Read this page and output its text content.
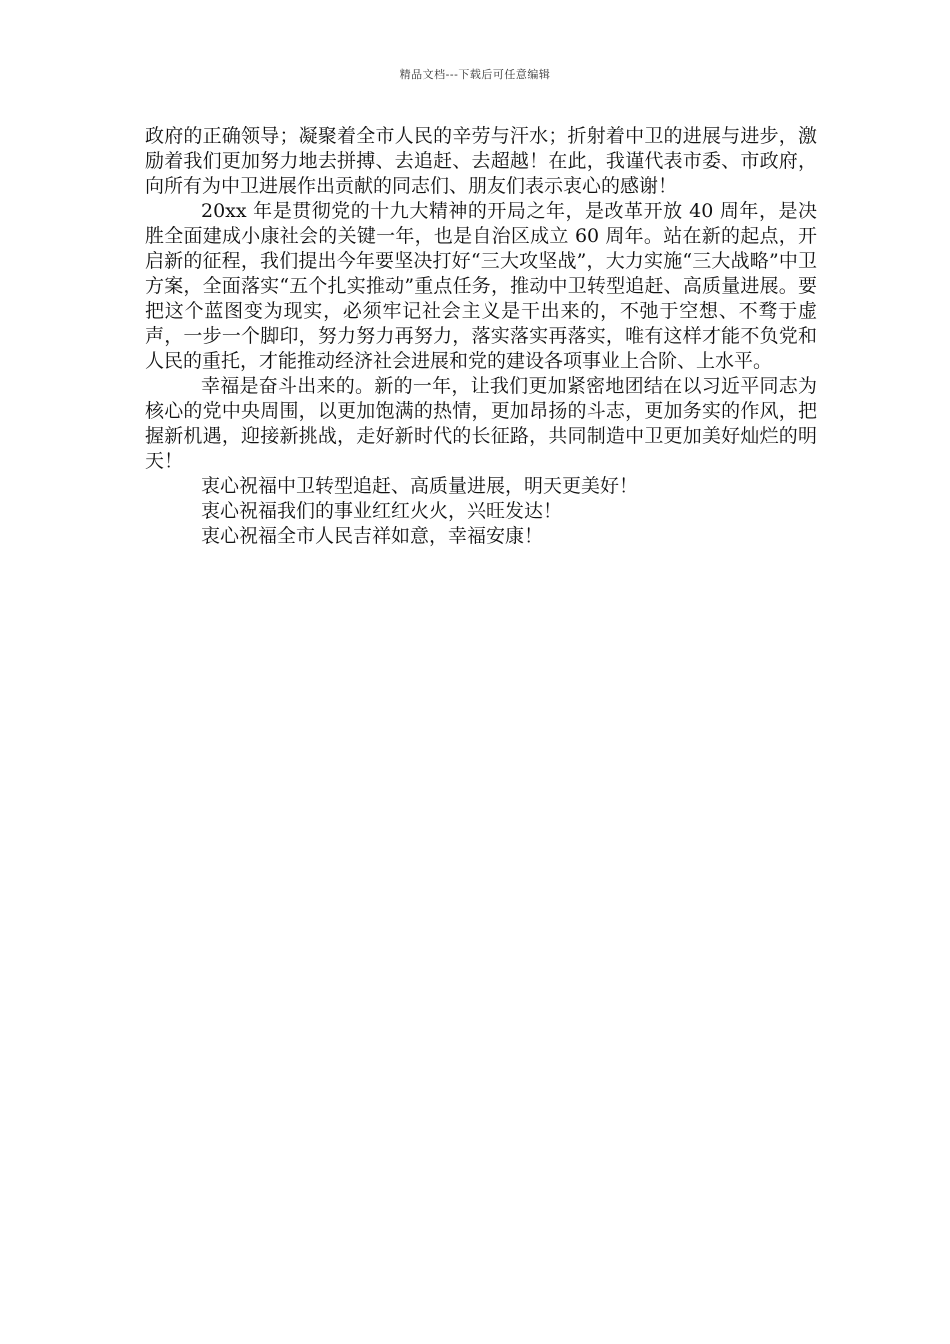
精品文档---下载后可任意编辑

政府的正确领导；凝聚着全市人民的辛劳与汗水；折射着中卫的进展与进步，激励着我们更加努力地去拼搏、去追赶、去超越！在此，我谨代表市委、市政府，向所有为中卫进展作出贡献的同志们、朋友们表示衷心的感谢！

20xx 年是贯彻党的十九大精神的开局之年，是改革开放 40 周年，是决胜全面建成小康社会的关键一年，也是自治区成立 60 周年。站在新的起点，开启新的征程，我们提出今年要坚决打好“三大攻坚战”，大力实施“三大战略”中卫方案，全面落实“五个扎实推动”重点任务，推动中卫转型追赶、高质量进展。要把这个蓝图变为现实，必须牢记社会主义是干出来的，不弛于空想、不骛于虚声，一步一个脚印，努力努力再努力，落实落实再落实，唯有这样才能不负党和人民的重托，才能推动经济社会进展和党的建设各项事业上合阶、上水平。

幸福是奋斗出来的。新的一年，让我们更加紧密地团结在以习近平同志为核心的党中央周围，以更加饱满的热情，更加昂扬的斗志，更加务实的作风，把握新机遇，迎接新挑战，走好新时代的长征路，共同制造中卫更加美好灿烂的明天！

衷心祝福中卫转型追赶、高质量进展，明天更美好！

衷心祝福我们的事业红红火火，兴旺发达！

衷心祝福全市人民吉祥如意，幸福安康！
